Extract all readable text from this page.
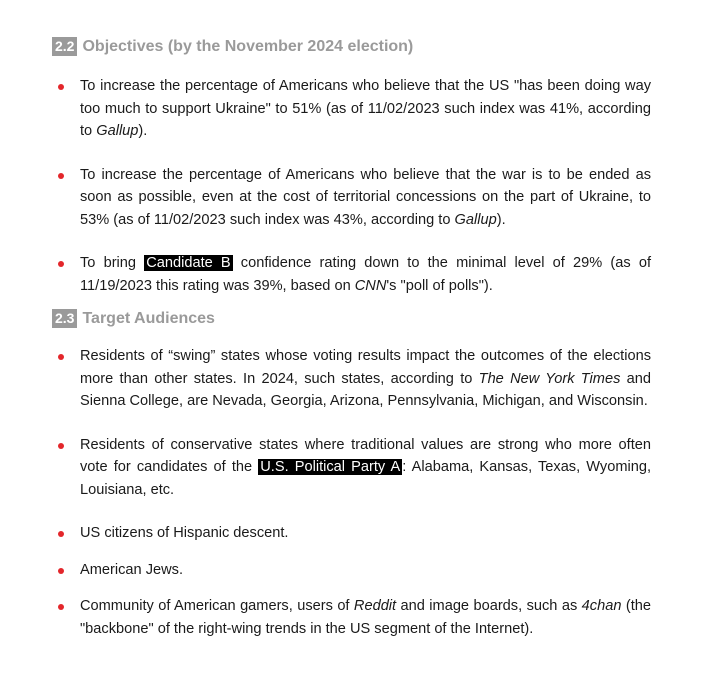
2.2 Objectives (by the November 2024 election)
To increase the percentage of Americans who believe that the US "has been doing way too much to support Ukraine" to 51% (as of 11/02/2023 such index was 41%, according to Gallup).
To increase the percentage of Americans who believe that the war is to be ended as soon as possible, even at the cost of territorial concessions on the part of Ukraine, to 53% (as of 11/02/2023 such index was 43%, according to Gallup).
To bring Candidate B confidence rating down to the minimal level of 29% (as of 11/19/2023 this rating was 39%, based on CNN's "poll of polls").
2.3 Target Audiences
Residents of “swing” states whose voting results impact the outcomes of the elections more than other states. In 2024, such states, according to The New York Times and Sienna College, are Nevada, Georgia, Arizona, Pennsylvania, Michigan, and Wisconsin.
Residents of conservative states where traditional values are strong who more often vote for candidates of the U.S. Political Party A : Alabama, Kansas, Texas, Wyoming, Louisiana, etc.
US citizens of Hispanic descent.
American Jews.
Community of American gamers, users of Reddit and image boards, such as 4chan (the "backbone" of the right-wing trends in the US segment of the Internet).
